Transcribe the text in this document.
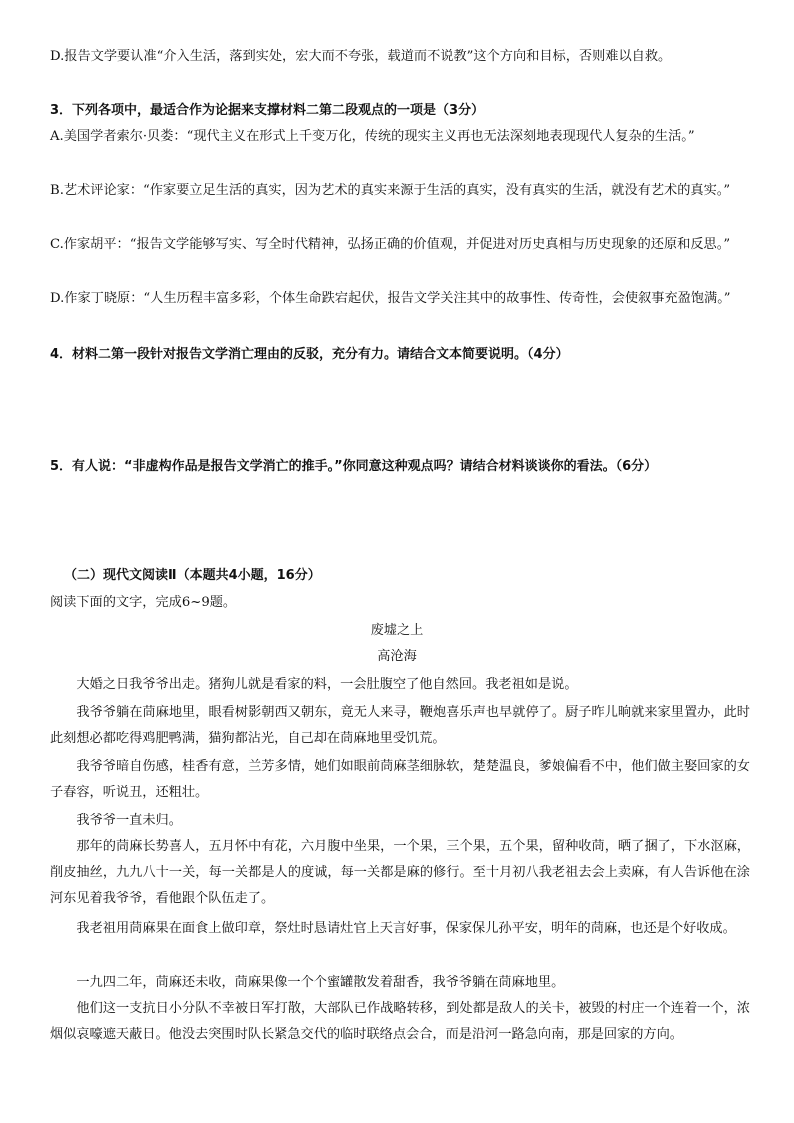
D.报告文学要认准“介入生活，落到实处，宏大而不夸张，载道而不说教”这个方向和目标，否则难以自救。

3．下列各项中，最适合作为论据来支撑材料二第二段观点的一项是（3分）

A.美国学者索尔·贝娄：“现代主义在形式上千变万化，传统的现实主义再也无法深刻地表现现代人复杂的生活。”

B.艺术评论家：“作家要立足生活的真实，因为艺术的真实来源于生活的真实，没有真实的生活，就没有艺术的真实。”

C.作家胡平：“报告文学能够写实、写全时代精神，弘扬正确的价值观，并促进对历史真相与历史现象的还原和反思。”

D.作家丁晓原：“人生历程丰富多彩，个体生命跌宕起伏，报告文学关注其中的故事性、传奇性，会使叙事充盈饱满。”

4．材料二第一段针对报告文学消亡理由的反驳，充分有力。请结合文本简要说明。（4分）

5．有人说：“非虚构作品是报告文学消亡的推手。”你同意这种观点吗？请结合材料谈谈你的看法。（6分）

（二）现代文阅读Ⅱ（本题共4小题，16分）

阅读下面的文字，完成6~9题。

废墟之上

高沧海

大婚之日我爷爷出走。猪狗儿就是看家的料，一会肚腹空了他自然回。我老祖如是说。

我爷爷躺在茼麻地里，眼看树影朝西又朝东，竟无人来寻，鞭炮喜乐声也早就停了。厨子昨儿晌就来家里置办，此时此刻想必都吃得鸡肥鸭满，猫狗都沾光，自己却在茼麻地里受饥荒。

我爷爷暗自伤感，桂香有意，兰芳多情，她们如眼前茼麻茎细脉软，楚楚温良，爹娘偏看不中，他们做主娶回家的女子春容，听说丑，还粗壮。

我爷爷一直未归。

那年的茼麻长势喜人，五月怀中有花，六月腹中坐果，一个果，三个果，五个果，留种收茼，晒了捆了，下水沤麻，削皮抽丝，九九八十一关，每一关都是人的度诚，每一关都是麻的修行。至十月初八我老祖去会上卖麻，有人告诉他在涂河东见着我爷爷，看他跟个队伍走了。

我老祖用茼麻果在面食上做印章，祭灶时恳请灶官上天言好事，保家保儿孙平安，明年的茼麻，也还是个好收成。

一九四二年，茼麻还未收，茼麻果像一个个蜜罐散发着甜香，我爷爷躺在茼麻地里。

他们这一支抗日小分队不幸被日军打散，大部队已作战略转移，到处都是敌人的关卡，被毁的村庄一个连着一个，浓烟似哀嚎遮天蔽日。他没去突围时队长紧急交代的临时联络点会合，而是沿河一路急向南，那是回家的方向。
